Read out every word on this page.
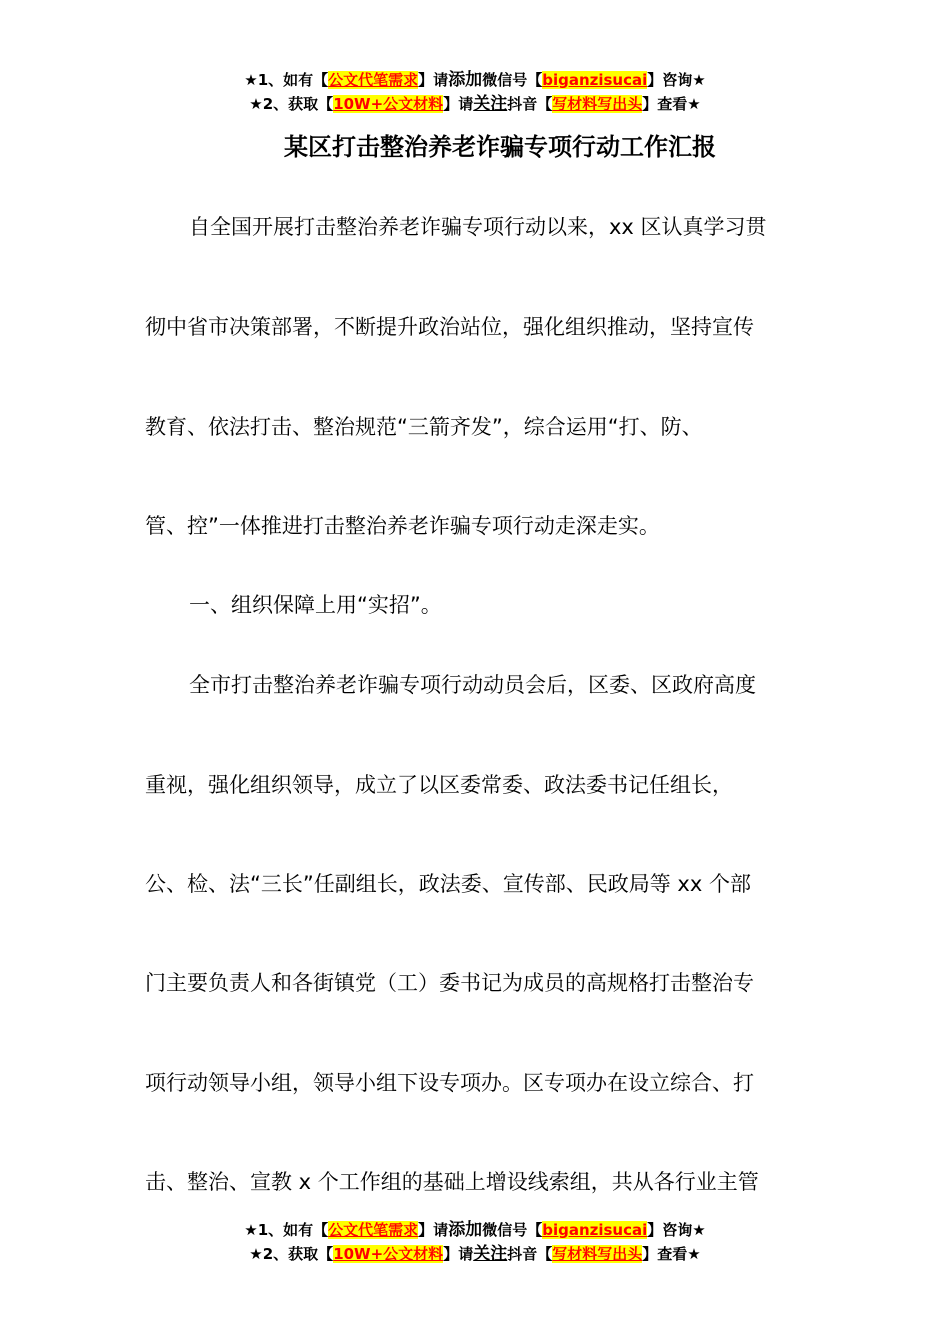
★1、如有【公文代笔需求】请添加微信号【biganzisucai】咨询★
★2、获取【10W+公文材料】请关注抖音【写材料写出头】查看★
某区打击整治养老诈骗专项行动工作汇报

自全国开展打击整治养老诈骗专项行动以来，xx 区认真学习贯

彻中省市决策部署，不断提升政治站位，强化组织推动，坚持宣传

教育、依法打击、整治规范“三箭齐发”，综合运用“打、防、

管、控”一体推进打击整治养老诈骗专项行动走深走实。

一、组织保障上用“实招”。

全市打击整治养老诈骗专项行动动员会后，区委、区政府高度

重视，强化组织领导，成立了以区委常委、政法委书记任组长，

公、检、法“三长”任副组长，政法委、宣传部、民政局等 xx 个部

门主要负责人和各街镇党（工）委书记为成员的高规格打击整治专

项行动领导小组，领导小组下设专项办。区专项办在设立综合、打

击、整治、宣教 x 个工作组的基础上增设线索组，共从各行业主管

★1、如有【公文代笔需求】请添加微信号【biganzisucai】咨询★
★2、获取【10W+公文材料】请关注抖音【写材料写出头】查看★
